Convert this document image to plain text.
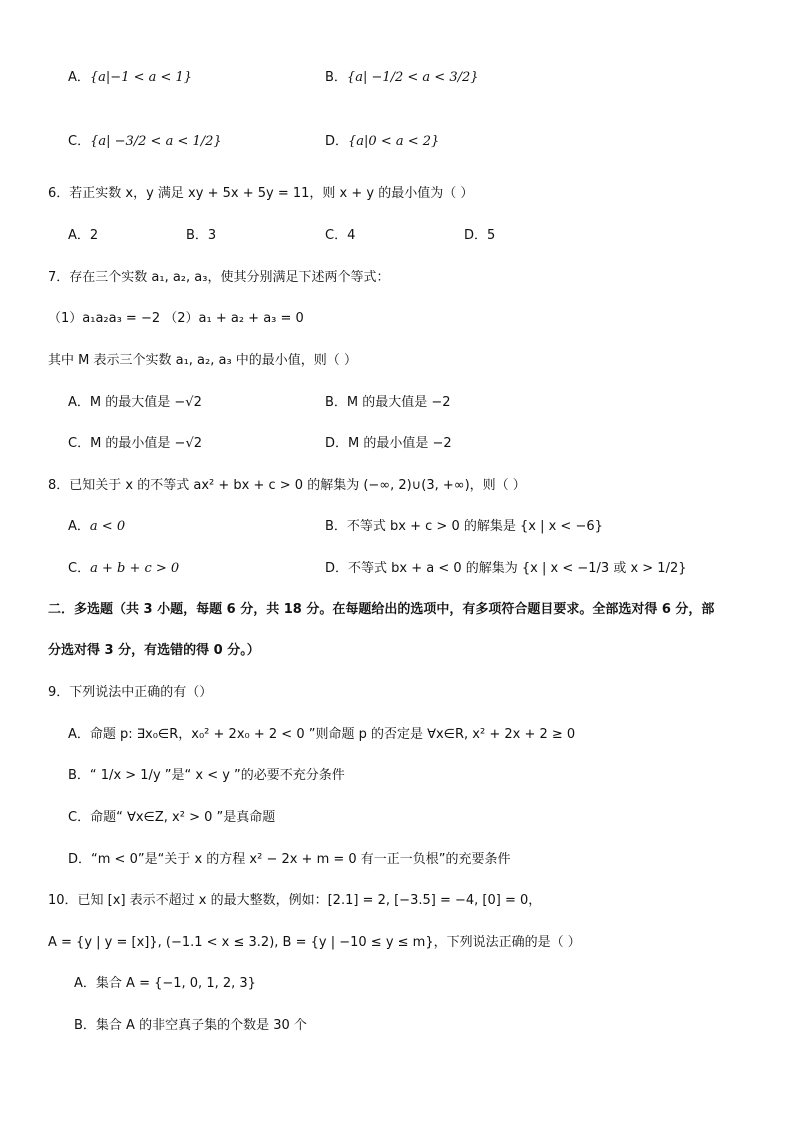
A．{a|−1 < a < 1}	B．{a| −1/2 < a < 3/2}
C．{a| −3/2 < a < 1/2}	D．{a|0 < a < 2}
6．若正实数 x，y 满足 xy + 5x + 5y = 11，则 x + y 的最小值为（ ）
A．2	B．3	C．4	D．5
7．存在三个实数 a₁, a₂, a₃，使其分别满足下述两个等式：
（1）a₁a₂a₃ = −2 （2）a₁ + a₂ + a₃ = 0
其中 M 表示三个实数 a₁, a₂, a₃ 中的最小值，则（ ）
A．M 的最大值是 −√2	B．M 的最大值是 −2
C．M 的最小值是 −√2	D．M 的最小值是 −2
8．已知关于 x 的不等式 ax² + bx + c > 0 的解集为 (−∞, 2)∪(3, +∞)，则（ ）
A．a < 0	B．不等式 bx + c > 0 的解集是 {x | x < −6}
C．a + b + c > 0	D．不等式 bx + a < 0 的解集为 {x | x < −1/3 或 x > 1/2}
二．多选题（共 3 小题，每题 6 分，共 18 分。在每题给出的选项中，有多项符合题目要求。全部选对得 6 分，部
分选对得 3 分，有选错的得 0 分。）
9．下列说法中正确的有（）
A．命题 p: ∃x₀∈R，x₀² + 2x₀ + 2 < 0 ”则命题 p 的否定是 ∀x∈R, x² + 2x + 2 ≥ 0
B．“ 1/x > 1/y ”是“ x < y ”的必要不充分条件
C．命题“ ∀x∈Z, x² > 0 ”是真命题
D．“m < 0”是“关于 x 的方程 x² − 2x + m = 0 有一正一负根”的充要条件
10．已知 [x] 表示不超过 x 的最大整数，例如：[2.1] = 2, [−3.5] = −4, [0] = 0，
A = {y | y = [x]}, (−1.1 < x ≤ 3.2), B = {y | −10 ≤ y ≤ m}，下列说法正确的是（ ）
A．集合 A = {−1, 0, 1, 2, 3}
B．集合 A 的非空真子集的个数是 30 个
